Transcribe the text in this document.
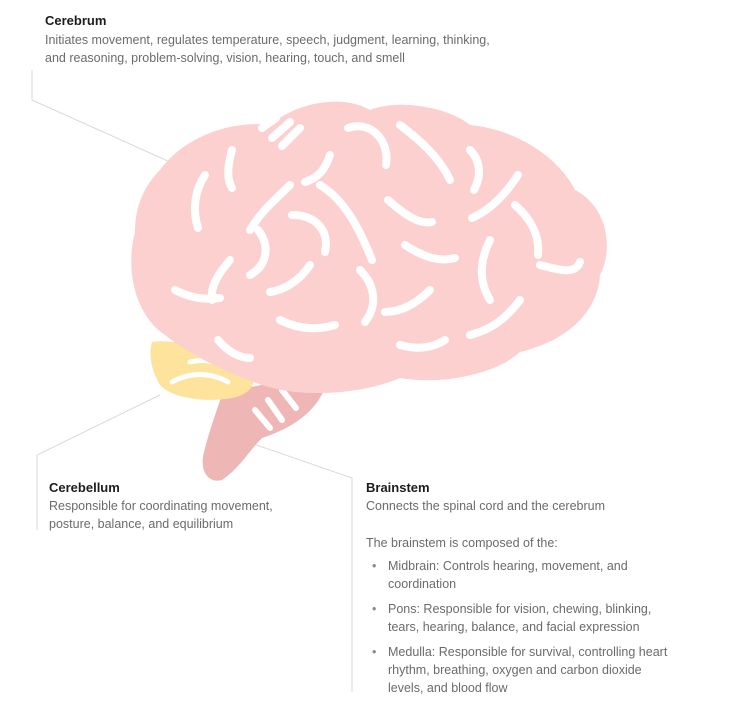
Cerebrum
Initiates movement, regulates temperature, speech, judgment, learning, thinking,
and reasoning, problem-solving, vision, hearing, touch, and smell
Cerebellum
Responsible for coordinating movement,
posture, balance, and equilibrium
Brainstem
Connects the spinal cord and the cerebrum
The brainstem is composed of the:
• Midbrain: Controls hearing, movement, and
coordination
• Pons: Responsible for vision, chewing, blinking,
tears, hearing, balance, and facial expression
• Medulla: Responsible for survival, controlling heart
rhythm, breathing, oxygen and carbon dioxide
levels, and blood flow
